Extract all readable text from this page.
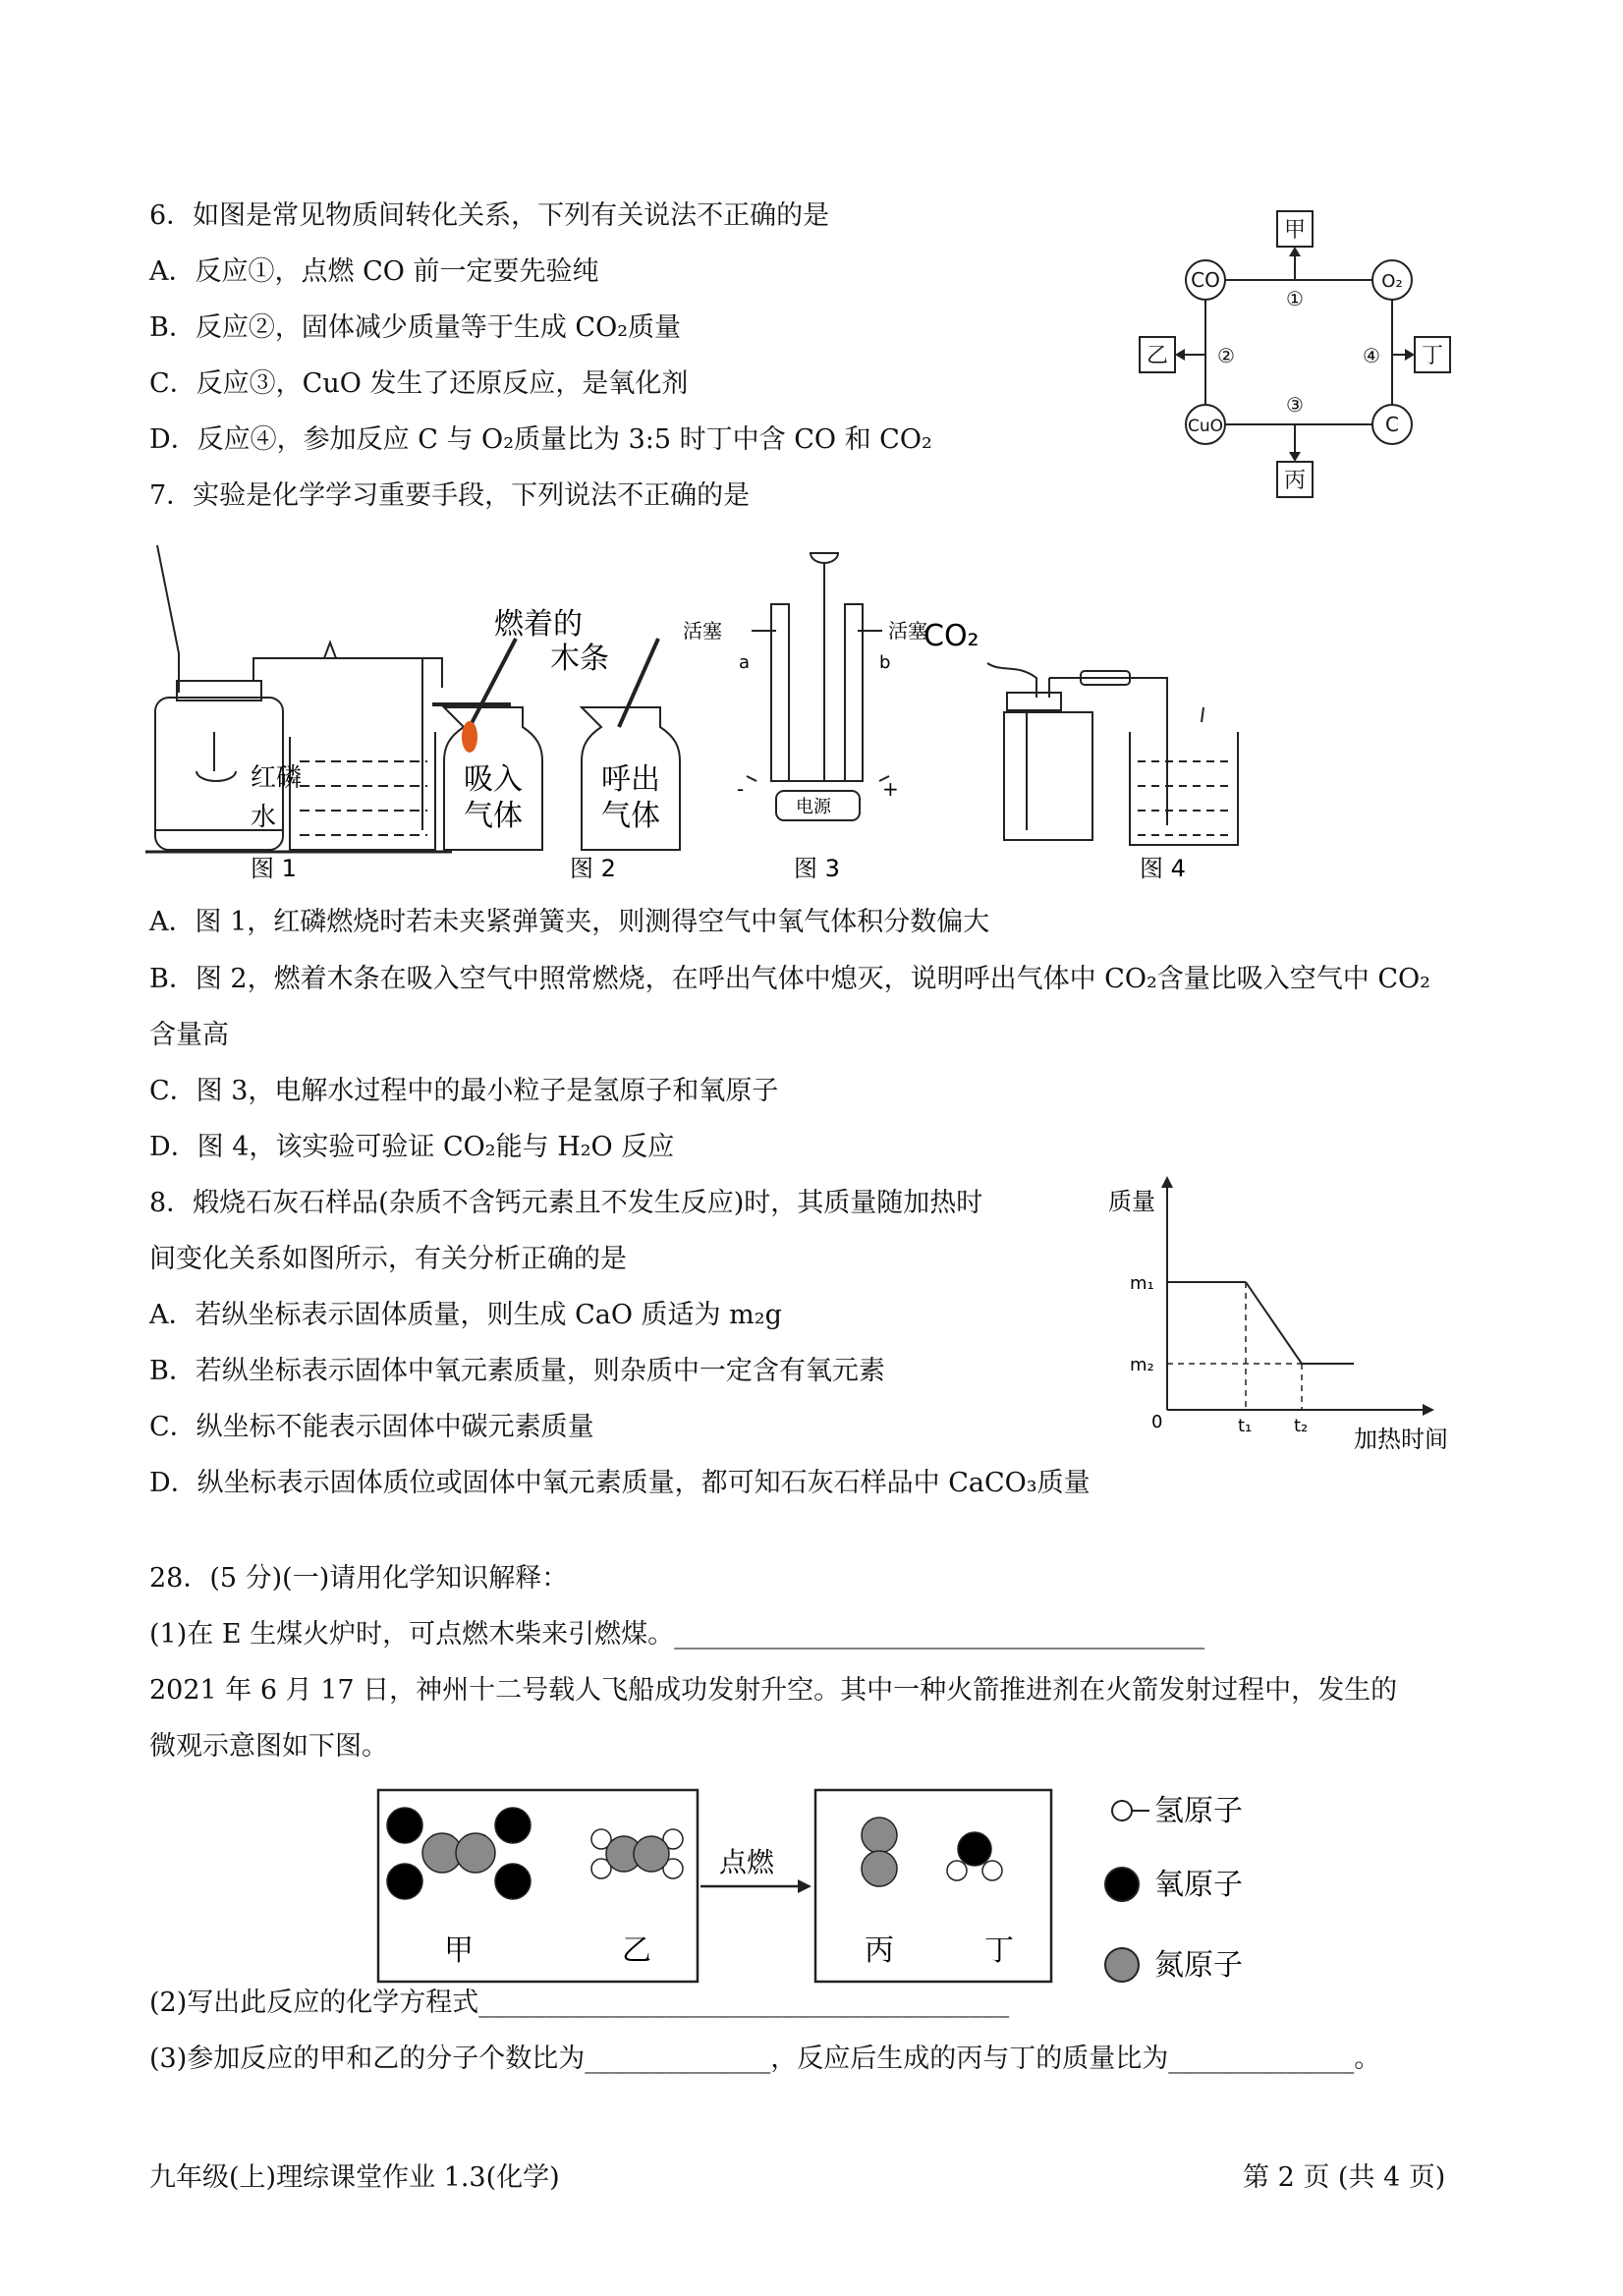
6．如图是常见物质间转化关系，下列有关说法不正确的是
A．反应①，点燃 CO 前一定要先验纯
B．反应②，固体减少质量等于生成 CO₂质量
C．反应③，CuO 发生了还原反应，是氧化剂
D．反应④，参加反应 C 与 O₂质量比为 3:5 时丁中含 CO 和 CO₂
CO	O₂
CuO	C
甲
乙	丁
丙
①
②
③
④
7．实验是化学学习重要手段，下列说法不正确的是
红磷
水
图 1
燃着的
木条
吸入
气体
呼出
气体
图 2
活塞	活塞
a	b
电源
-	+
图 3
CO₂
图 4
A．图 1，红磷燃烧时若未夹紧弹簧夹，则测得空气中氧气体积分数偏大
B．图 2，燃着木条在吸入空气中照常燃烧，在呼出气体中熄灭，说明呼出气体中 CO₂含量比吸入空气中 CO₂
含量高
C．图 3，电解水过程中的最小粒子是氢原子和氧原子
D．图 4，该实验可验证 CO₂能与 H₂O 反应
8．煅烧石灰石样品(杂质不含钙元素且不发生反应)时，其质量随加热时
间变化关系如图所示，有关分析正确的是
A．若纵坐标表示固体质量，则生成 CaO 质适为 m₂g
B．若纵坐标表示固体中氧元素质量，则杂质中一定含有氧元素
C．纵坐标不能表示固体中碳元素质量
D．纵坐标表示固体质位或固体中氧元素质量，都可知石灰石样品中 CaCO₃质量
质量
m₁
m₂
0	t₁ t₂ 加热时间
28．(5 分)(一)请用化学知识解释：
(1)在 E 生煤火炉时，可点燃木柴来引燃煤。________________________________________
2021 年 6 月 17 日，神州十二号载人飞船成功发射升空。其中一种火箭推进剂在火箭发射过程中，发生的
微观示意图如下图。
点燃
甲	乙	丙	丁
氢原子
氧原子
氮原子
(2)写出此反应的化学方程式________________________________________
(3)参加反应的甲和乙的分子个数比为______________，反应后生成的丙与丁的质量比为______________。
九年级(上)理综课堂作业 1.3(化学)	第 2 页 (共 4 页)
